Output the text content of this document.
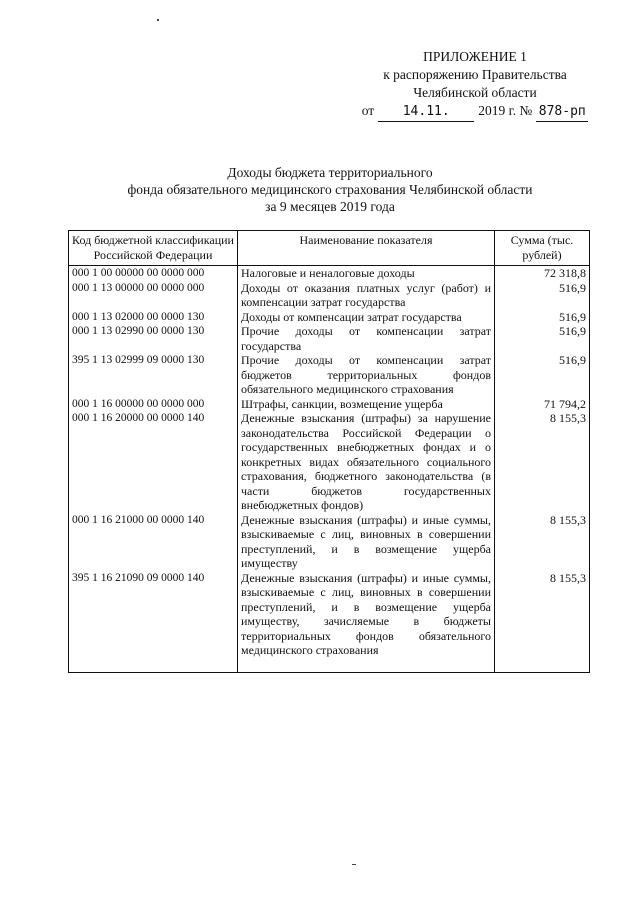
ПРИЛОЖЕНИЕ 1
к распоряжению Правительства
Челябинской области
от	14.11.	2019 г. № 878-рп
Доходы бюджета территориального
фонда обязательного медицинского страхования Челябинской области
за 9 месяцев 2019 года
Код бюджетной классификации Российской Федерации	Наименование показателя	Сумма (тыс. рублей)
000 1 00 00000 00 0000 000	Налоговые и неналоговые доходы	72 318,8
000 1 13 00000 00 0000 000	Доходы от оказания платных услуг (работ) и компенсации затрат государства	516,9
000 1 13 02000 00 0000 130	Доходы от компенсации затрат государства	516,9
000 1 13 02990 00 0000 130	Прочие доходы от компенсации затрат государства	516,9
395 1 13 02999 09 0000 130	Прочие доходы от компенсации затрат бюджетов территориальных фондов обязательного медицинского страхования	516,9
000 1 16 00000 00 0000 000	Штрафы, санкции, возмещение ущерба	71 794,2
000 1 16 20000 00 0000 140	Денежные взыскания (штрафы) за нарушение законодательства Российской Федерации о государственных внебюджетных фондах и о конкретных видах обязательного социального страхования, бюджетного законодательства (в части бюджетов государственных внебюджетных фондов)	8 155,3
000 1 16 21000 00 0000 140	Денежные взыскания (штрафы) и иные суммы, взыскиваемые с лиц, виновных в совершении преступлений, и в возмещение ущерба имуществу	8 155,3
395 1 16 21090 09 0000 140	Денежные взыскания (штрафы) и иные суммы, взыскиваемые с лиц, виновных в совершении преступлений, и в возмещение ущерба имуществу, зачисляемые в бюджеты территориальных фондов обязательного медицинского страхования	8 155,3
